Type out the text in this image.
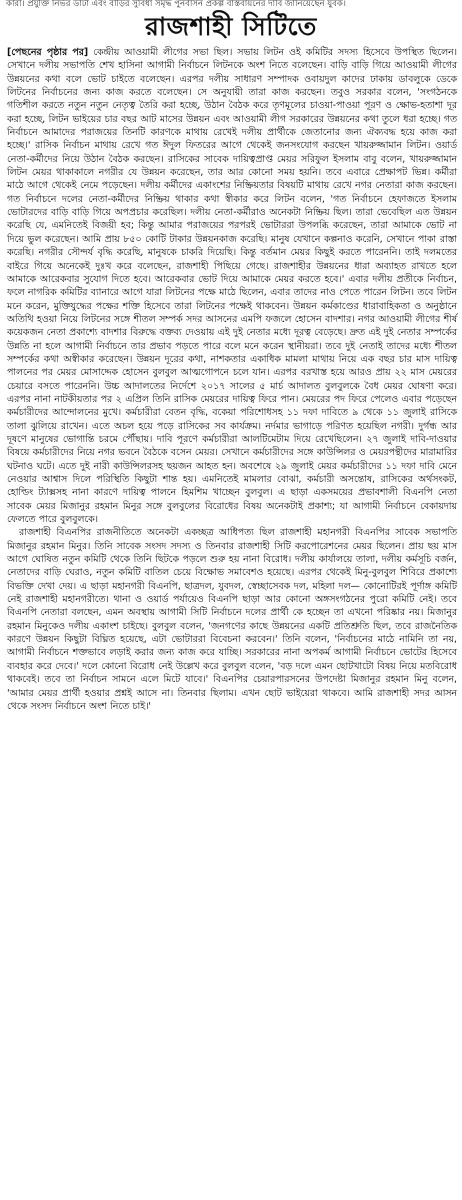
কারা। প্রযুক্তি নির্ভর ডাটা এবং বাড়ির সুবিধা সমৃদ্ধ পুনর্বাসন প্রকল্প বাস্তবায়নের দাবি জানিয়েছেন যুবক।
রাজশাহী সিটিতে

[পেছনের পৃষ্ঠার পর] কেন্দ্রীয় আওয়ামী লীগের সভা ছিল। সভায় লিটন ওই কমিটির সদস্য হিসেবে উপস্থিত ছিলেন। সেখানে দলীয় সভাপতি শেখ হাসিনা আগামী নির্বাচনে লিটনকে অংশ নিতে বলেছেন। বাড়ি বাড়ি গিয়ে আওয়ামী লীগের উন্নয়নের কথা বলে ভোট চাইতে বলেছেন। এরপর দলীয় সাধারণ সম্পাদক ওবায়দুল কাদের ঢাকায় ডাবলুকে ডেকে লিটনের নির্বাচনের জন্য কাজ করতে বলেছেন। সে অনুযায়ী তারা কাজ করছেন। তবুও সরকার বলেন, 'সংগঠনকে গতিশীল করতে নতুন নতুন নেতৃত্ব তৈরি করা হচ্ছে, উঠান বৈঠক করে তৃণমূলের চাওয়া-পাওয়া পূরণ ও ক্ষোভ-হতাশা দূর করা হচ্ছে, লিটন ভাইয়ের চার বছর আট মাসের উন্নয়ন এবং আওয়ামী লীগ সরকারের উন্নয়নের কথা তুলে ধরা হচ্ছে। গত নির্বাচনে আমাদের পরাজয়ের তিনটি কারণকে মাথায় রেখেই দলীয় প্রার্থীকে জেতানোর জন্য ঐক্যবদ্ধ হয়ে কাজ করা হচ্ছে।' রাসিক নির্বাচন মাথায় রেখে গত ঈদুল ফিতরের আগে থেকেই জনসংযোগ করছেন খায়রুজ্জামান লিটন। ওয়ার্ড নেতা-কর্মীদের নিয়ে উঠান বৈঠক করছেন। রাসিকের সাবেক দায়িত্বপ্রাপ্ত মেয়র সরিফুল ইসলাম বাবু বলেন, খায়রুজ্জামান লিটন মেয়র থাকাকালে নগরীর যে উন্নয়ন করেছেন, তার আর কোনো সময় হয়নি। তবে এবারে প্রেক্ষাপট ভিন্ন। কর্মীরা মাঠে আগে থেকেই নেমে পড়েছেন। দলীয় কর্মীদের একাংশের নিষ্ক্রিয়তার বিষয়টি মাথায় রেখে নগর নেতারা কাজ করছেন। গত নির্বাচনে দলের নেতা-কর্মীদের নিষ্ক্রিয় থাকার কথা স্বীকার করে লিটন বলেন, 'গত নির্বাচনে হেফাজতে ইসলাম ভোটারদের বাড়ি বাড়ি গিয়ে অপপ্রচার করেছিল। দলীয় নেতা-কর্মীরাও অনেকটা নিষ্ক্রিয় ছিল। তারা ভেবেছিল এত উন্নয়ন করেছি যে, এমনিতেই বিজয়ী হব; কিন্তু আমার পরাজয়ের পরপরই ভোটাররা উপলব্ধি করেছেন, তারা আমাকে ভোট না দিয়ে ভুল করেছেন। আমি প্রায় ৮৫০ কোটি টাকার উন্নয়নকাজ করেছি। মানুষ যেখানে কল্পনাও করেনি, সেখানে পাকা রাস্তা করেছি। নগরীর সৌন্দর্য বৃদ্ধি করেছি, মানুষকে চাকরি দিয়েছি। কিন্তু বর্তমান মেয়র কিছুই করতে পারেননি। তাই দলমতের বাইরে গিয়ে অনেকেই দুঃখ করে বলেছেন, রাজশাহী পিছিয়ে গেছে। রাজশাহীর উন্নয়নের ধারা অব্যাহত রাখতে হলে আমাকে আরেকবার সুযোগ দিতে হবে। আরেকবার ভোট দিয়ে আমাকে মেয়র করতে হবে।' এবার দলীয় প্রতীকে নির্বাচন, ফলে নাগরিক কমিটির ব্যানারে আগে যারা লিটনের পক্ষে মাঠে ছিলেন, এবার তাদের নাও পেতে পারেন লিটন। তবে লিটন মনে করেন, মুক্তিযুদ্ধের পক্ষের শক্তি হিসেবে তারা লিটনের পক্ষেই থাকবেন। উন্নয়ন কর্মকাণ্ডের ধারাবাহিকতা ও অনুষ্ঠানে অতিথি হওয়া নিয়ে লিটনের সঙ্গে শীতল সম্পর্ক সদর আসনের এমপি ফজলে হোসেন বাদশার। নগর আওয়ামী লীগের শীর্ষ কয়েকজন নেতা প্রকাশ্যে বাদশার বিরুদ্ধে বক্তব্য দেওয়ায় এই দুই নেতার মধ্যে দূরত্ব বেড়েছে। দ্রুত এই দুই নেতার সম্পর্কের উন্নতি না হলে আগামী নির্বাচনে তার প্রভাব পড়তে পারে বলে মনে করেন স্থানীয়রা। তবে দুই নেতাই তাদের মধ্যে শীতল সম্পর্কের কথা অস্বীকার করেছেন। উন্নয়ন দূরের কথা, নাশকতার একাধিক মামলা মাথায় নিয়ে এক বছর চার মাস দায়িত্ব পালনের পর মেয়র মোসাদ্দেক হোসেন বুলবুল আত্মগোপনে চলে যান। এরপর বরখাস্ত হয়ে আরও প্রায় ২২ মাস মেয়রের চেয়ারে বসতে পারেননি। উচ্চ আদালতের নির্দেশে ২০১৭ সালের ৫ মার্চ আদালত বুলবুলকে বৈধ মেয়র ঘোষণা করে। এরপর নানা নাটকীয়তার পর ২ এপ্রিল তিনি রাসিক মেয়রের দায়িত্ব ফিরে পান। মেয়রের পদ ফিরে পেলেও এবার পড়েছেন কর্মচারীদের আন্দোলনের মুখে। কর্মচারীরা বেতন বৃদ্ধি, বকেয়া পরিশোধসহ ১১ দফা দাবিতে ৯ থেকে ১১ জুলাই রাসিকে তালা ঝুলিয়ে রাখেন। এতে অচল হয়ে পড়ে রাসিকের সব কার্যক্রম। নর্দমার ভাগাড়ে পরিণত হয়েছিল নগরী। দুর্গন্ধ আর দূষণে মানুষের ভোগান্তি চরমে পৌঁছায়। দাবি পূরণে কর্মচারীরা আলটিমেটাম দিয়ে রেখেছিলেন। ২৭ জুলাই দাবি-দাওয়ার বিষয়ে কর্মচারীদের নিয়ে নগর ভবনে বৈঠকে বসেন মেয়র। সেখানে কর্মচারীদের সঙ্গে কাউন্সিলর ও মেয়রপন্থীদের মারামারির ঘটনাও ঘটে। এতে দুই নারী কাউন্সিলরসহ ছয়জন আহত হন। অবশেষে ২৯ জুলাই মেয়র কর্মচারীদের ১১ দফা দাবি মেনে নেওয়ার আশ্বাস দিলে পরিস্থিতি কিছুটা শান্ত হয়। এমনিতেই মামলার বোঝা, কর্মচারী অসন্তোষ, রাসিকের অর্থসংকট, হোল্ডিং ট্যাক্সসহ নানা কারণে দায়িত্ব পালনে হিমশিম খাচ্ছেন বুলবুল। এ ছাড়া একসময়ের প্রভাবশালী বিএনপি নেতা সাবেক মেয়র মিজানুর রহমান মিনুর সঙ্গে বুলবুলের বিরোধের বিষয় অনেকটাই প্রকাশ্য; যা আগামী নির্বাচনে বেকায়দায় ফেলতে পারে বুলবুলকে।

রাজশাহী বিএনপির রাজনীতিতে অনেকটা একচ্ছত্র আধিপত্য ছিল রাজশাহী মহানগরী বিএনপির সাবেক সভাপতি মিজানুর রহমান মিনুর। তিনি সাবেক সংসদ সদস্য ও তিনবার রাজশাহী সিটি করপোরেশনের মেয়র ছিলেন। প্রায় ছয় মাস আগে ঘোষিত নতুন কমিটি থেকে তিনি ছিটকে পড়লে শুরু হয় নানা বিরোধ। দলীয় কার্যালয়ে তালা, দলীয় কর্মসূচি বর্জন, নেতাদের বাড়ি ঘেরাও, নতুন কমিটি বাতিল চেয়ে বিক্ষোভ সমাবেশও হয়েছে। এরপর থেকেই মিনু-বুলবুল শিবিরে প্রকাশ্যে বিভক্তি দেখা দেয়। এ ছাড়া মহানগরী বিএনপি, ছাত্রদল, যুবদল, স্বেচ্ছাসেবক দল, মহিলা দল— কোনোটিরই পূর্ণাঙ্গ কমিটি নেই রাজশাহী মহানগরীতে। থানা ও ওয়ার্ড পর্যায়েও বিএনপি ছাড়া আর কোনো অঙ্গসংগঠনের পুরো কমিটি নেই। তবে বিএনপি নেতারা বলছেন, এমন অবস্থায় আগামী সিটি নির্বাচনে দলের প্রার্থী কে হচ্ছেন তা এখনো পরিষ্কার নয়। মিজানুর রহমান মিনুকেও দলীয় একাংশ চাইছে। বুলবুল বলেন, 'জনগণের কাছে উন্নয়নের একটি প্রতিশ্রুতি ছিল, তবে রাজনৈতিক কারণে উন্নয়ন কিছুটা বিঘ্নিত হয়েছে, এটা ভোটাররা বিবেচনা করবেন।' তিনি বলেন, 'নির্বাচনের মাঠে নামিনি তা নয়, আগামী নির্বাচনে শক্তভাবে লড়াই করার জন্য কাজ করে যাচ্ছি। সরকারের নানা অপকর্ম আগামী নির্বাচনে ভোটের হিসেবে ব্যবহার করে দেবে।' দলে কোনো বিরোধ নেই উল্লেখ করে বুলবুল বলেন, 'বড় দলে এমন ছোটখাটো বিষয় নিয়ে মতবিরোধ থাকবেই। তবে তা নির্বাচন সামনে এলে মিটে যাবে।' বিএনপির চেয়ারপারসনের উপদেষ্টা মিজানুর রহমান মিনু বলেন, 'আমার মেয়র প্রার্থী হওয়ার প্রশ্নই আসে না। তিনবার ছিলাম। এখন ছোট ভাইয়েরা থাকবে। আমি রাজশাহী সদর আসন থেকে সংসদ নির্বাচনে অংশ নিতে চাই।'
